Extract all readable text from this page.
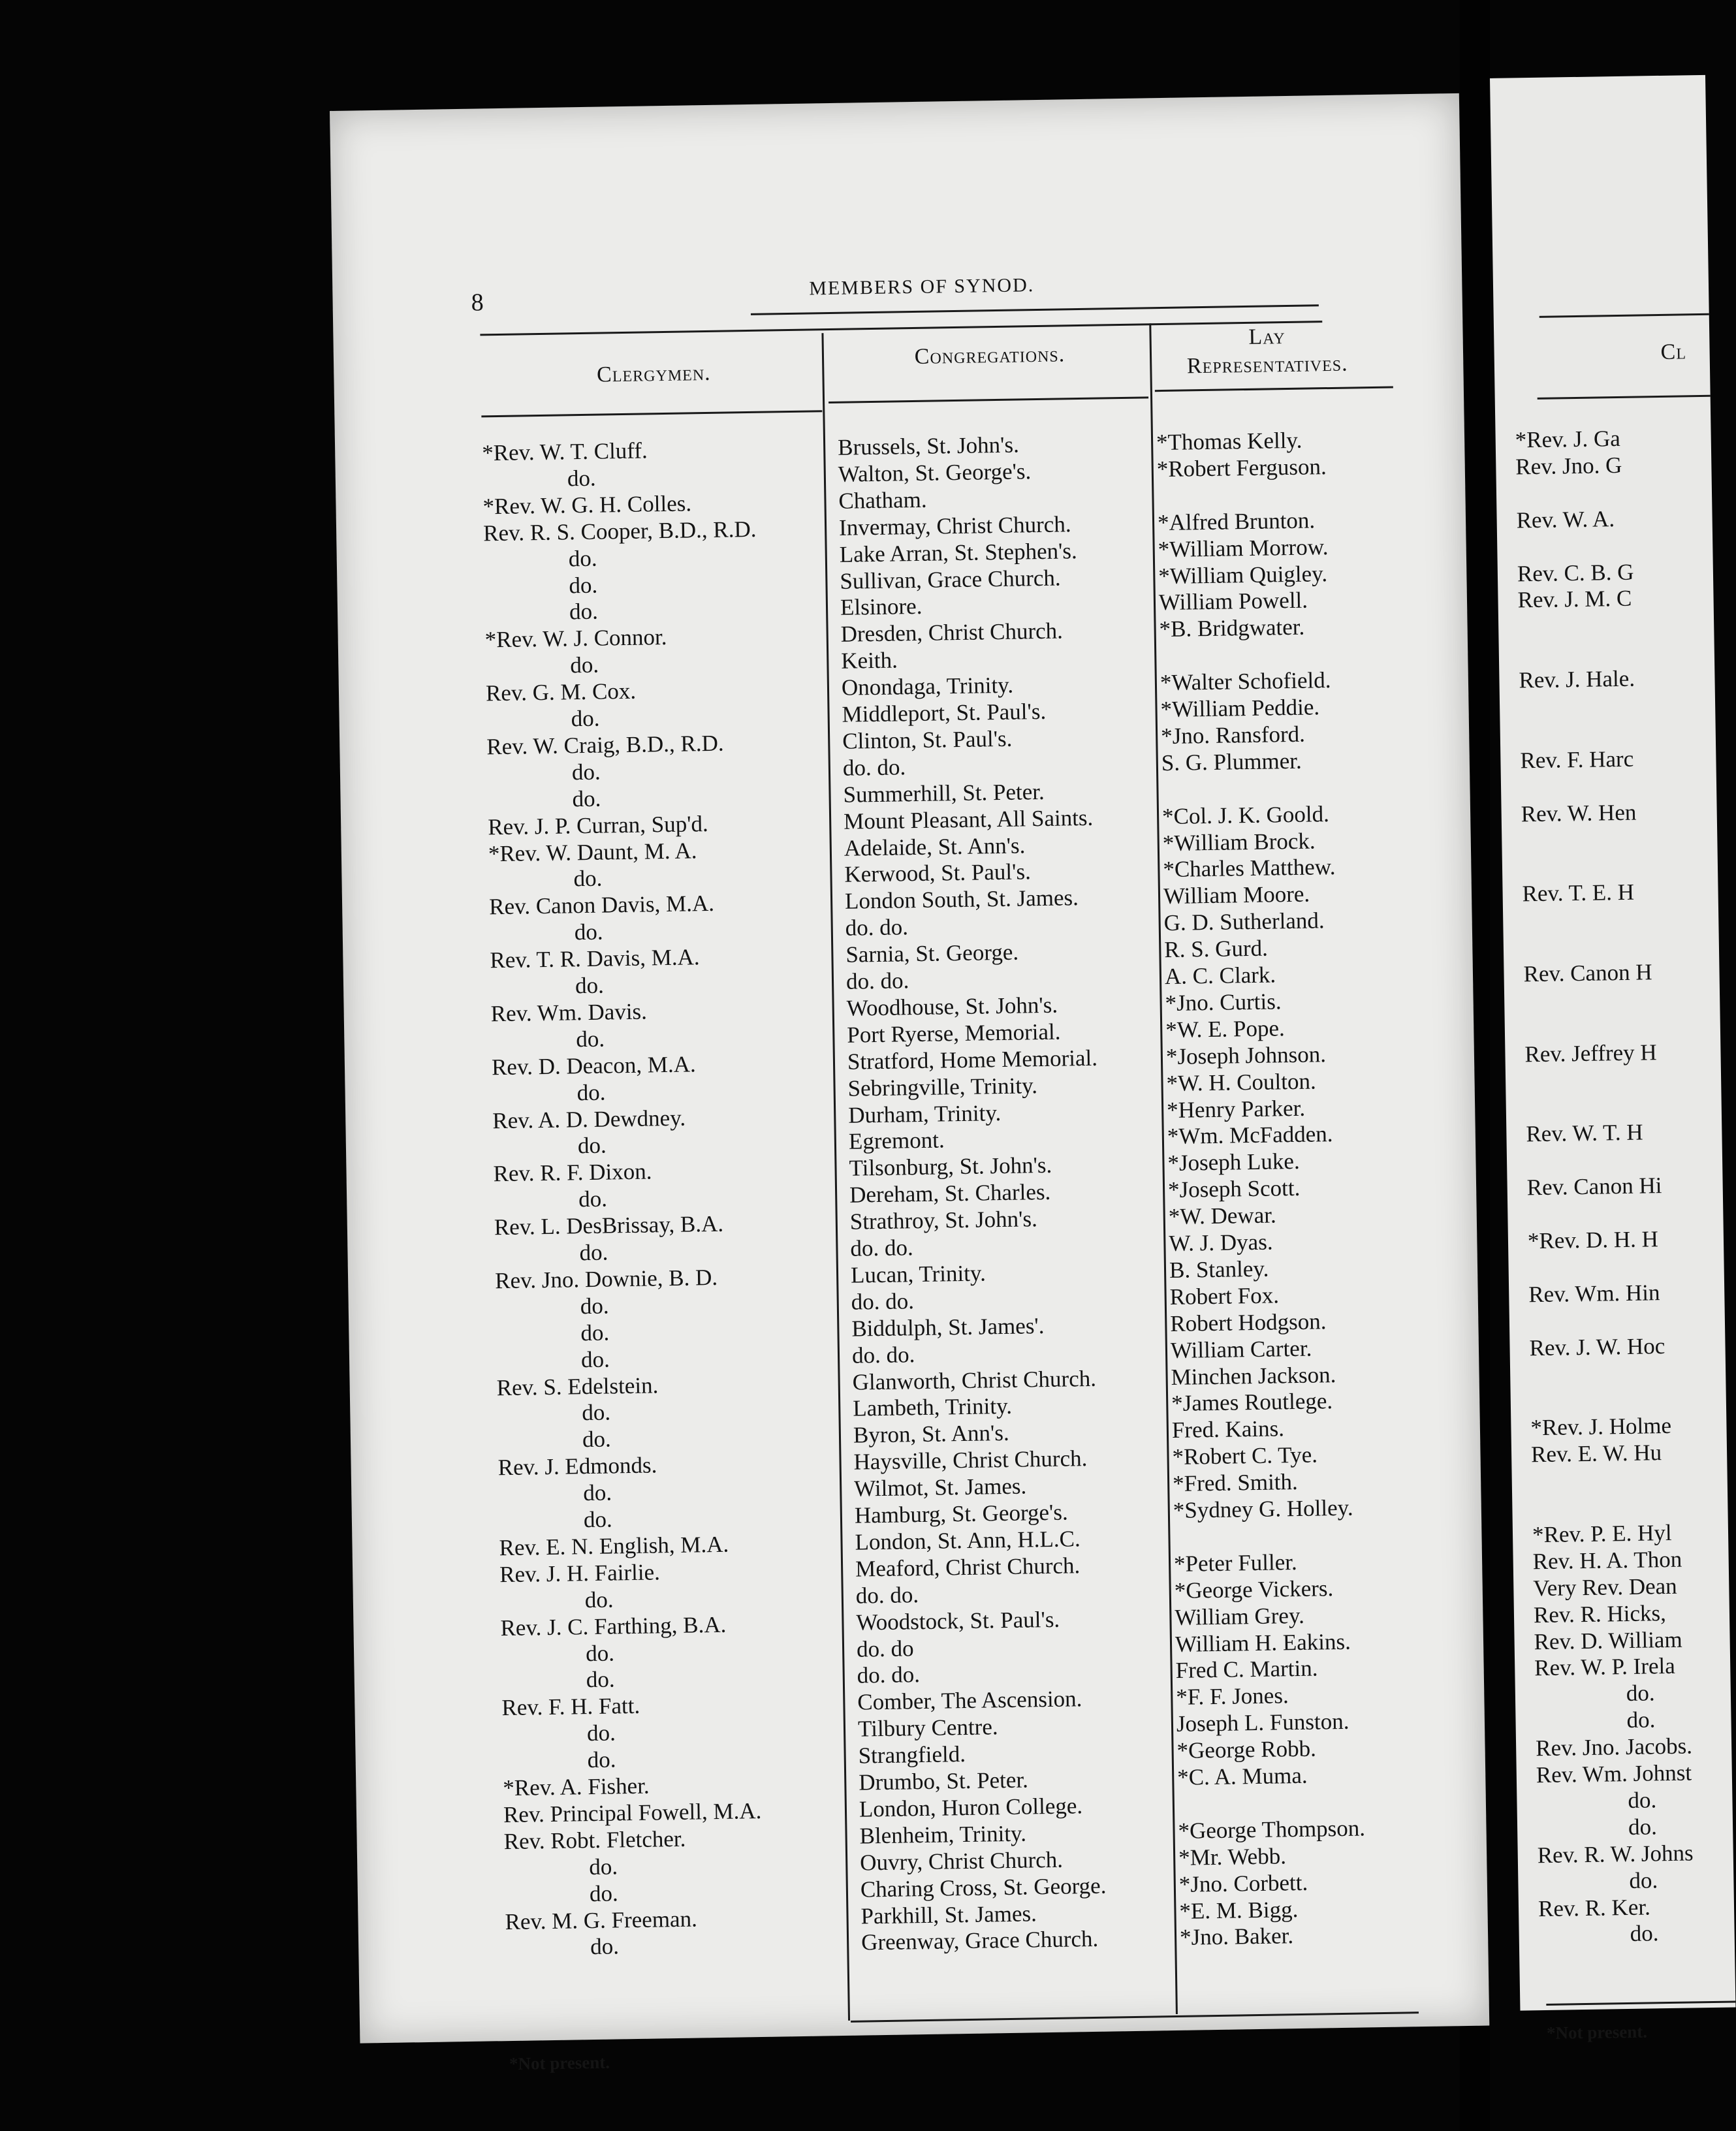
8
MEMBERS OF SYNOD.
Clergymen.
Congregations.
Lay
Representatives.
*Rev. W. T. Cluff.	Brussels, St. John's.	*Thomas Kelly.
do.	Walton, St. George's.	*Robert Ferguson.
*Rev. W. G. H. Colles.	Chatham.
Rev. R. S. Cooper, B.D., R.D.	Invermay, Christ Church.	*Alfred Brunton.
do.	Lake Arran, St. Stephen's.	*William Morrow.
do.	Sullivan, Grace Church.	*William Quigley.
do.	Elsinore.	William Powell.
*Rev. W. J. Connor.	Dresden, Christ Church.	*B. Bridgwater.
do.	Keith.
Rev. G. M. Cox.	Onondaga, Trinity.	*Walter Schofield.
do.	Middleport, St. Paul's.	*William Peddie.
Rev. W. Craig, B.D., R.D.	Clinton, St. Paul's.	*Jno. Ransford.
do.	do. do.	S. G. Plummer.
do.	Summerhill, St. Peter.
Rev. J. P. Curran, Sup'd.	Mount Pleasant, All Saints.	*Col. J. K. Goold.
*Rev. W. Daunt, M. A.	Adelaide, St. Ann's.	*William Brock.
do.	Kerwood, St. Paul's.	*Charles Matthew.
Rev. Canon Davis, M.A.	London South, St. James.	William Moore.
do.	do. do.	G. D. Sutherland.
Rev. T. R. Davis, M.A.	Sarnia, St. George.	R. S. Gurd.
do.	do. do.	A. C. Clark.
Rev. Wm. Davis.	Woodhouse, St. John's.	*Jno. Curtis.
do.	Port Ryerse, Memorial.	*W. E. Pope.
Rev. D. Deacon, M.A.	Stratford, Home Memorial.	*Joseph Johnson.
do.	Sebringville, Trinity.	*W. H. Coulton.
Rev. A. D. Dewdney.	Durham, Trinity.	*Henry Parker.
do.	Egremont.	*Wm. McFadden.
Rev. R. F. Dixon.	Tilsonburg, St. John's.	*Joseph Luke.
do.	Dereham, St. Charles.	*Joseph Scott.
Rev. L. DesBrissay, B.A.	Strathroy, St. John's.	*W. Dewar.
do.	do. do.	W. J. Dyas.
Rev. Jno. Downie, B. D.	Lucan, Trinity.	B. Stanley.
do.	do. do.	Robert Fox.
do.	Biddulph, St. James'.	Robert Hodgson.
do.	do. do.	William Carter.
Rev. S. Edelstein.	Glanworth, Christ Church.	Minchen Jackson.
do.	Lambeth, Trinity.	*James Routlege.
do.	Byron, St. Ann's.	Fred. Kains.
Rev. J. Edmonds.	Haysville, Christ Church.	*Robert C. Tye.
do.	Wilmot, St. James.	*Fred. Smith.
do.	Hamburg, St. George's.	*Sydney G. Holley.
Rev. E. N. English, M.A.	London, St. Ann, H.L.C.
Rev. J. H. Fairlie.	Meaford, Christ Church.	*Peter Fuller.
do.	do. do.	*George Vickers.
Rev. J. C. Farthing, B.A.	Woodstock, St. Paul's.	William Grey.
do.	do. do	William H. Eakins.
do.	do. do.	Fred C. Martin.
Rev. F. H. Fatt.	Comber, The Ascension.	*F. F. Jones.
do.	Tilbury Centre.	Joseph L. Funston.
do.	Strangfield.	*George Robb.
*Rev. A. Fisher.	Drumbo, St. Peter.	*C. A. Muma.
Rev. Principal Fowell, M.A.	London, Huron College.
Rev. Robt. Fletcher.	Blenheim, Trinity.	*George Thompson.
do.	Ouvry, Christ Church.	*Mr. Webb.
do.	Charing Cross, St. George.	*Jno. Corbett.
Rev. M. G. Freeman.	Parkhill, St. James.	*E. M. Bigg.
do.	Greenway, Grace Church.	*Jno. Baker.
*Not present.
Cl
*Rev. J. Ga
Rev. Jno. G
Rev. W. A.
Rev. C. B. G
Rev. J. M. C
Rev. J. Hale.
Rev. F. Harc
Rev. W. Hen
Rev. T. E. H
Rev. Canon H
Rev. Jeffrey H
Rev. W. T. H
Rev. Canon Hi
*Rev. D. H. H
Rev. Wm. Hin
Rev. J. W. Hoc
*Rev. J. Holme
Rev. E. W. Hu
*Rev. P. E. Hyl
Rev. H. A. Thon
Very Rev. Dean
Rev. R. Hicks,
Rev. D. William
Rev. W. P. Irela
do.
do.
Rev. Jno. Jacobs.
Rev. Wm. Johnst
do.
do.
Rev. R. W. Johns
do.
Rev. R. Ker.
do.
*Not present.
